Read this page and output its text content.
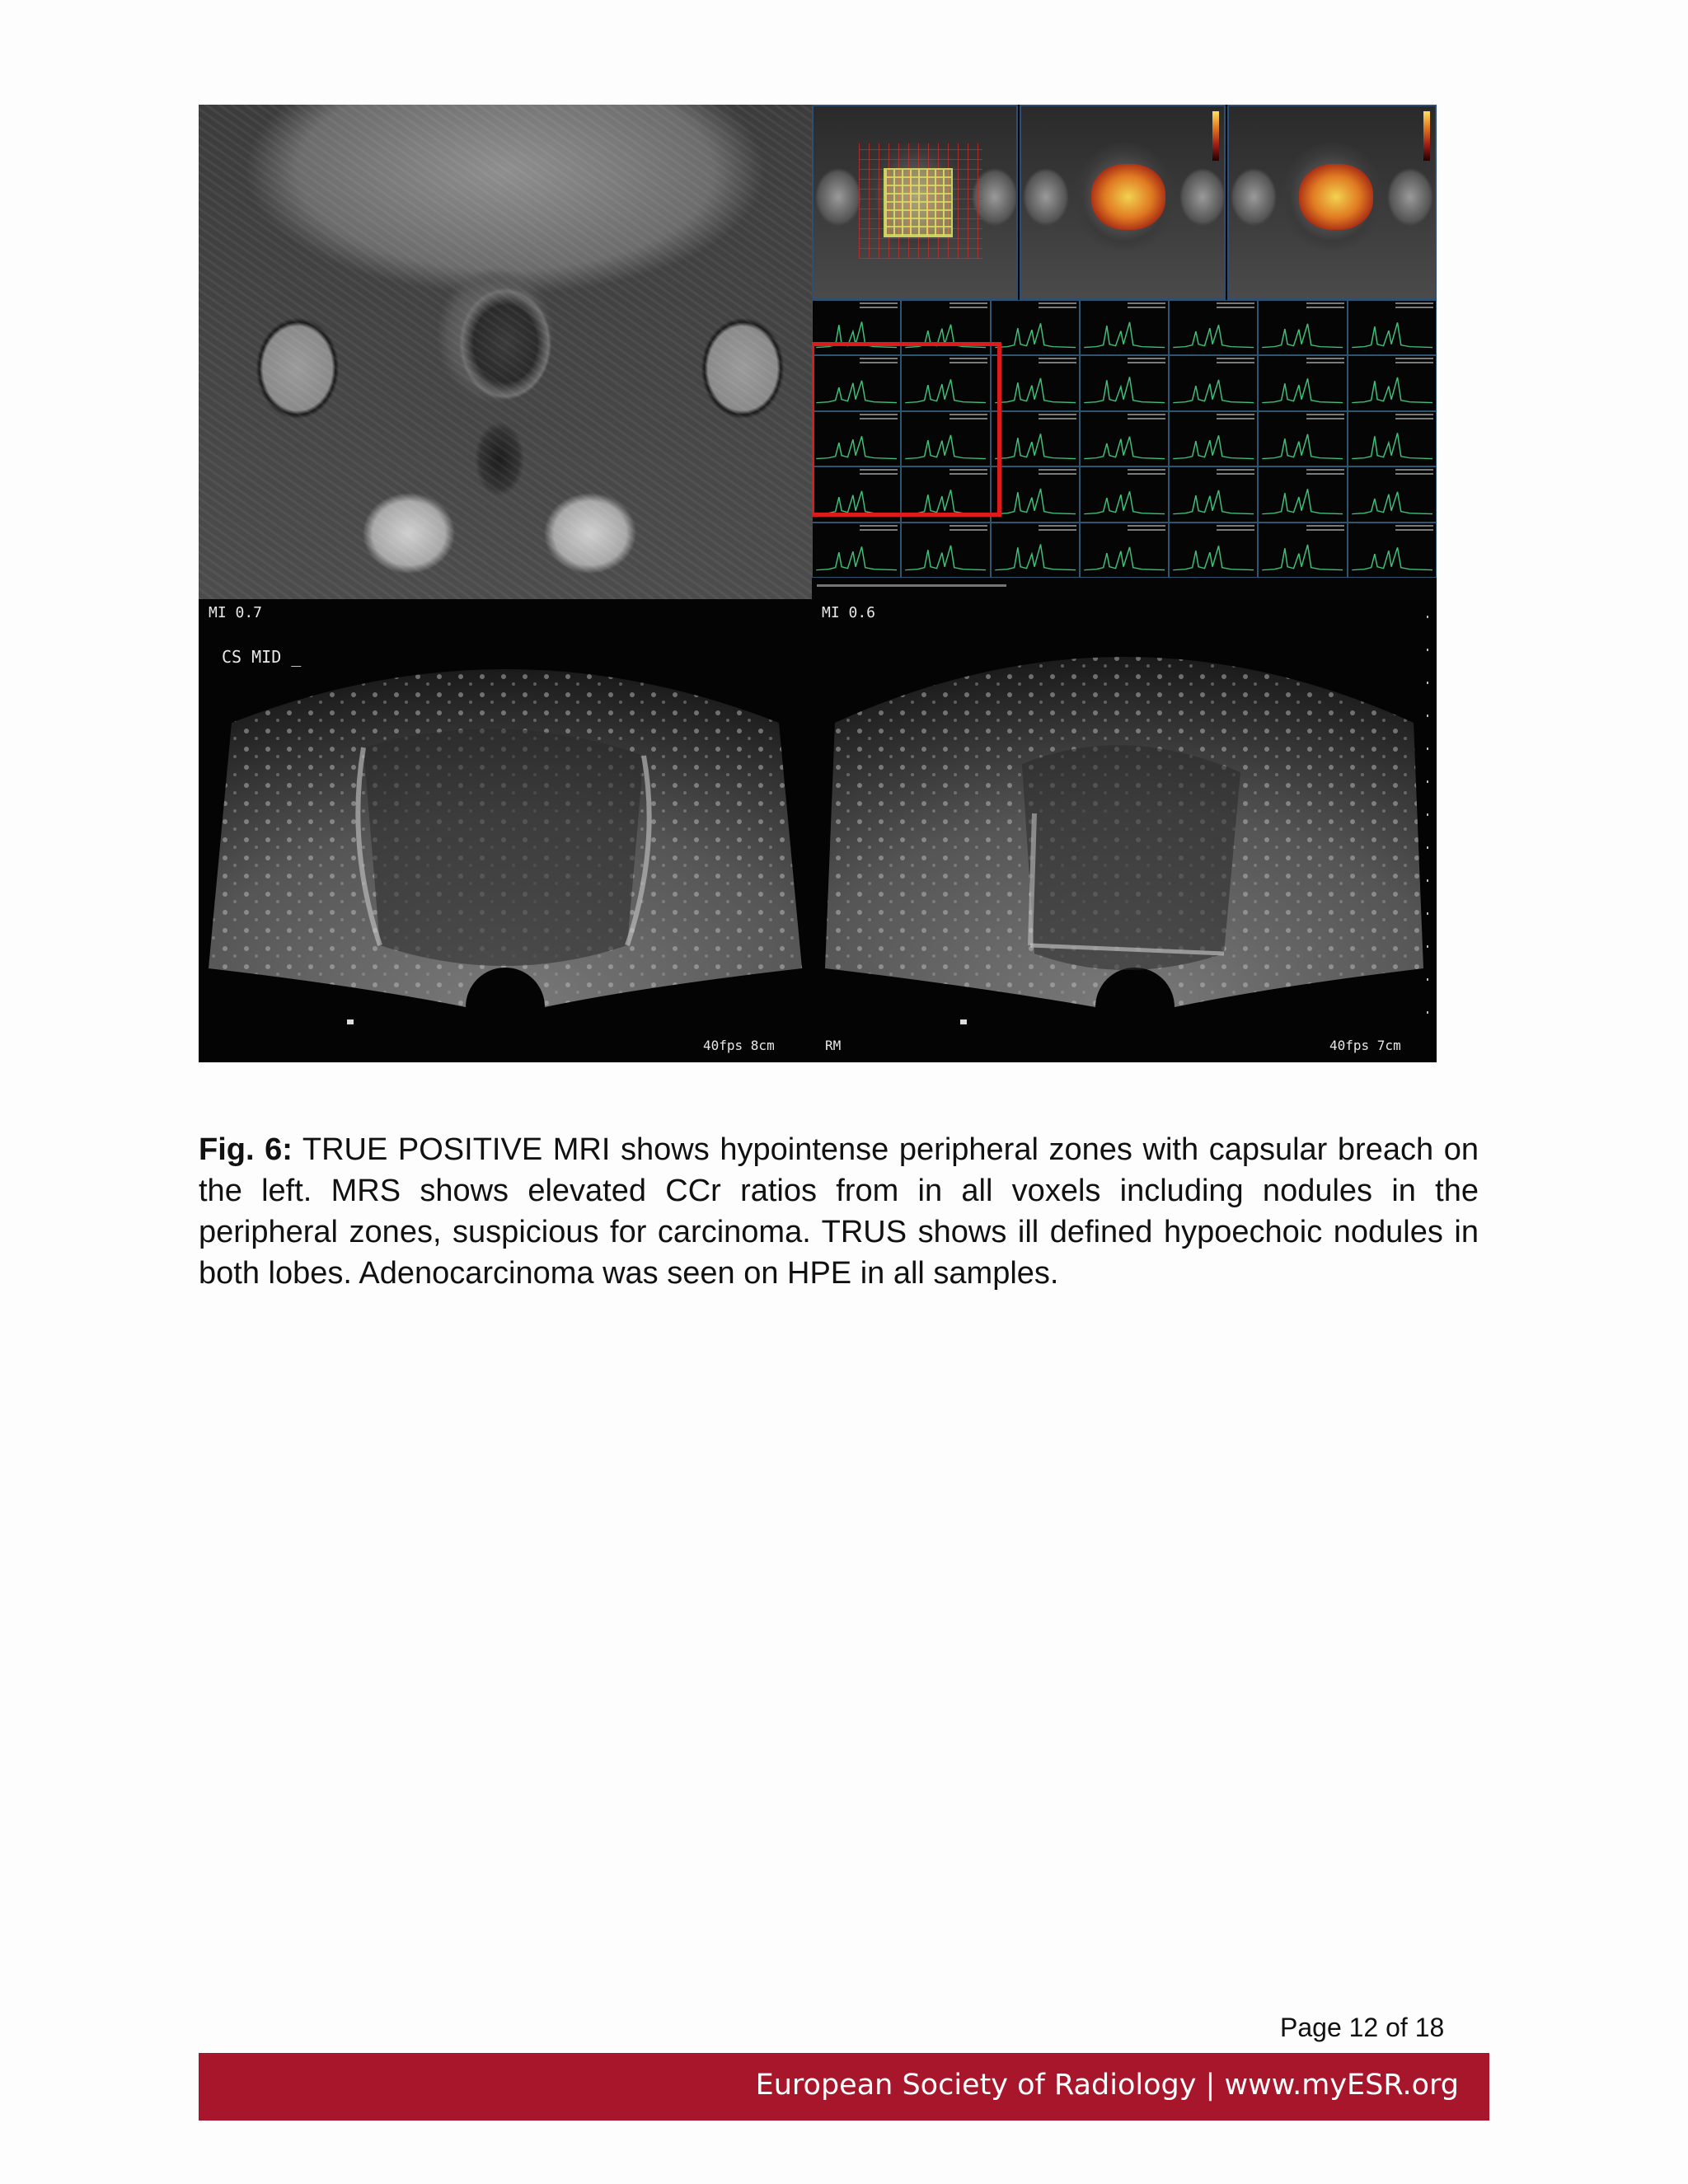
MI 0.7
CS MID _
40fps 8cm
MI 0.6
RM	40fps 7cm

Fig. 6: TRUE POSITIVE MRI shows hypointense peripheral zones with capsular breach on the left. MRS shows elevated CCr ratios from in all voxels including nodules in the peripheral zones, suspicious for carcinoma. TRUS shows ill defined hypoechoic nodules in both lobes. Adenocarcinoma was seen on HPE in all samples.

Page 12 of 18
European Society of Radiology | www.myESR.org
